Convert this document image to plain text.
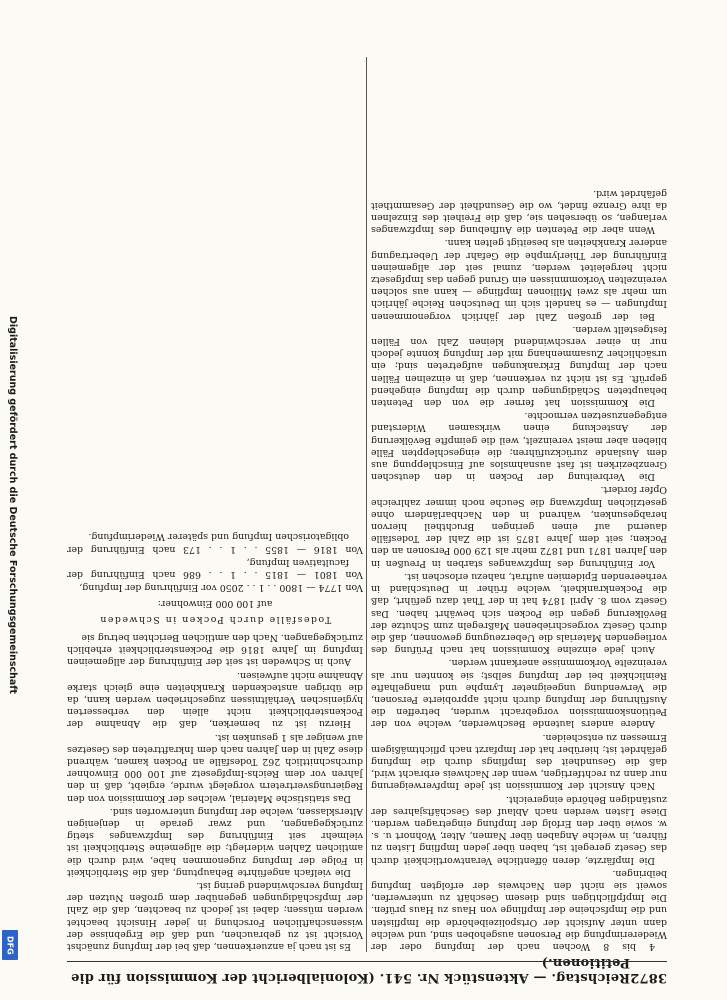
3872
Reichstag. — Aktenstück Nr. 541. (Kolonialbericht der Kommission für die Petitionen.)

4 bis 8 Wochen nach der Impfung oder der Wiedererimpfung die Personen ausgehoben sind, und welche dann unter Aufsicht der Ortspolizeibehörde die Impflisten und die Impfscheine der Impflinge von Haus zu Haus prüfen. Die Impfpflichtigen sind diesem Geschäft zu unterwerfen, soweit sie nicht den Nachweis der erfolgten Impfung beibringen.

Die Impfärzte, deren öffentliche Verantwortlichkeit durch das Gesetz geregelt ist, haben über jeden Impfling Listen zu führen, in welche Angaben über Namen, Alter, Wohnort u. s. w. sowie über den Erfolg der Impfung eingetragen werden. Diese Listen werden nach Ablauf des Geschäftsjahres der zuständigen Behörde eingereicht.

Nach Ansicht der Kommission ist jede Impfverweigerung nur dann zu rechtfertigen, wenn der Nachweis erbracht wird, daß die Gesundheit des Impflings durch die Impfung gefährdet ist; hierüber hat der Impfarzt nach pflichtmäßigem Ermessen zu entscheiden.

Andere anders lautende Beschwerden, welche von der Petitionskommission vorgebracht wurden, betreffen die Ausführung der Impfung durch nicht approbierte Personen, die Verwendung ungeeigneter Lymphe und mangelhafte Reinlichkeit bei der Impfung selbst; sie konnten nur als vereinzelte Vorkommnisse anerkannt werden.

Auch jede einzelne Kommission hat nach Prüfung des vorliegenden Materials die Ueberzeugung gewonnen, daß die durch Gesetz vorgeschriebenen Maßregeln zum Schutze der Bevölkerung gegen die Pocken sich bewährt haben. Das Gesetz vom 8. April 1874 hat in der That dazu geführt, daß die Pockenkrankheit, welche früher in Deutschland in verheerenden Epidemien auftrat, nahezu erloschen ist.

Vor Einführung des Impfzwanges starben in Preußen in den Jahren 1871 und 1872 mehr als 129 000 Personen an den Pocken; seit dem Jahre 1875 ist die Zahl der Todesfälle dauernd auf einen geringen Bruchtheil hiervon herabgesunken, während in den Nachbarländern ohne gesetzlichen Impfzwang die Seuche noch immer zahlreiche Opfer fordert.

Die Verbreitung der Pocken in den deutschen Grenzbezirken ist fast ausnahmslos auf Einschleppung aus dem Auslande zurückzuführen; die eingeschleppten Fälle blieben aber meist vereinzelt, weil die geimpfte Bevölkerung der Ansteckung einen wirksamen Widerstand entgegenzusetzen vermochte.

Die Kommission hat ferner die von den Petenten behaupteten Schädigungen durch die Impfung eingehend geprüft. Es ist nicht zu verkennen, daß in einzelnen Fällen nach der Impfung Erkrankungen aufgetreten sind; ein ursächlicher Zusammenhang mit der Impfung konnte jedoch nur in einer verschwindend kleinen Zahl von Fällen festgestellt werden.

Bei der großen Zahl der jährlich vorgenommenen Impfungen — es handelt sich im Deutschen Reiche jährlich um mehr als zwei Millionen Impflinge — kann aus solchen vereinzelten Vorkommnissen ein Grund gegen das Impfgesetz nicht hergeleitet werden, zumal seit der allgemeinen Einführung der Thierlymphe die Gefahr der Uebertragung anderer Krankheiten als beseitigt gelten kann.

Wenn aber die Petenten die Aufhebung des Impfzwanges verlangen, so übersehen sie, daß die Freiheit des Einzelnen da ihre Grenze findet, wo die Gesundheit der Gesammtheit gefährdet wird.

Es ist nach ja anzuerkennen, daß bei der Impfung zunächst Vorsicht ist zu gebrauchen, und daß die Ergebnisse der wissenschaftlichen Forschung in jeder Hinsicht beachtet werden müssen; dabei ist jedoch zu beachten, daß die Zahl der Impfschädigungen gegenüber dem großen Nutzen der Impfung verschwindend gering ist.

Die vielfach angeführte Behauptung, daß die Sterblichkeit in Folge der Impfung zugenommen habe, wird durch die amtlichen Zahlen widerlegt; die allgemeine Sterblichkeit ist vielmehr seit Einführung des Impfzwanges stetig zurückgegangen, und zwar gerade in denjenigen Altersklassen, welche der Impfung unterworfen sind.

Das statistische Material, welches der Kommission von den Regierungsvertretern vorgelegt wurde, ergiebt, daß in den Jahren vor dem Reichs-Impfgesetz auf 100 000 Einwohner durchschnittlich 262 Todesfälle an Pocken kamen, während diese Zahl in den Jahren nach dem Inkrafttreten des Gesetzes auf weniger als 1 gesunken ist.

Hierzu ist zu bemerken, daß die Abnahme der Pockensterblichkeit nicht allein den verbesserten hygienischen Verhältnissen zugeschrieben werden kann, da die übrigen ansteckenden Krankheiten eine gleich starke Abnahme nicht aufweisen.

Auch in Schweden ist seit der Einführung der allgemeinen Impfung im Jahre 1816 die Pockensterblichkeit erheblich zurückgegangen. Nach den amtlichen Berichten betrug sie

Todesfälle durch Pocken in Schweden

auf 100 000 Einwohner:

Von 1774 — 1800 . . 1 . . 2050 vor Einführung der Impfung,

Von 1801 — 1815 . . 1 . . 686 nach Einführung der facultativen Impfung,

Von 1816 — 1855 . . 1 . . 173 nach Einführung der obligatorischen Impfung und späterer Wiederimpfung.

Digitalisierung gefördert durch die Deutsche Forschungsgemeinschaft
DFG
